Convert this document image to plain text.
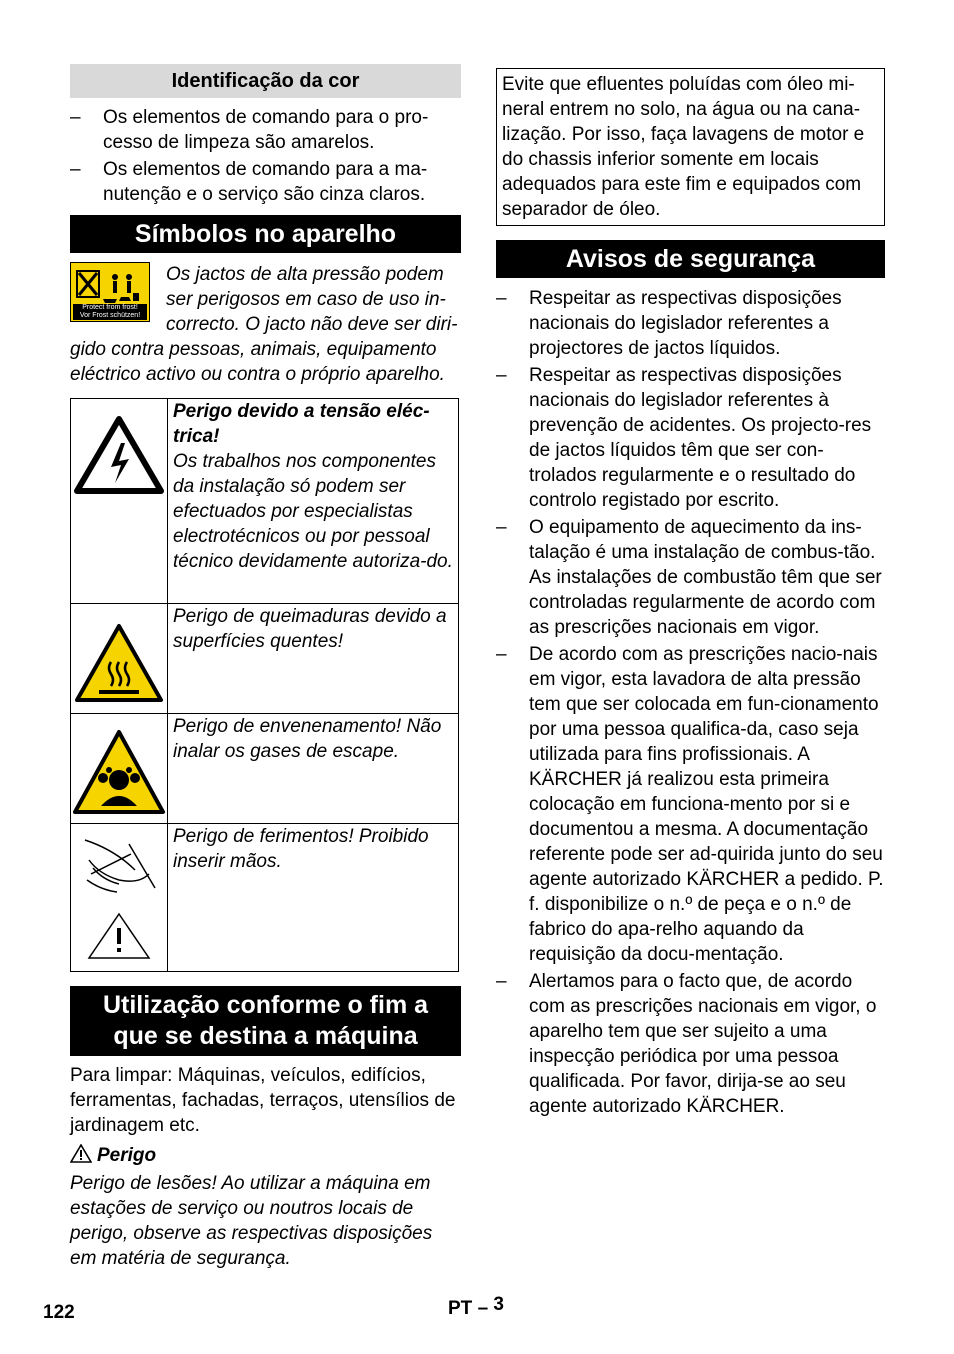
Identificação da cor
– Os elementos de comando para o pro-cesso de limpeza são amarelos.
– Os elementos de comando para a ma-nutenção e o serviço são cinza claros.
Símbolos no aparelho
Protect from frost!
Vor Frost schützen!

Os jactos de alta pressão podem ser perigosos em caso de uso in-correcto. O jacto não deve ser diri-gido contra pessoas, animais, equipamento eléctrico activo ou contra o próprio aparelho.

Perigo devido a tensão eléc-trica!
Os trabalhos nos componentes da instalação só podem ser efectuados por especialistas electrotécnicos ou por pessoal técnico devidamente autoriza-do.

Perigo de queimaduras devido a superfícies quentes!

Perigo de envenenamento! Não inalar os gases de escape.

Perigo de ferimentos! Proibido inserir mãos.
Utilização conforme o fim a que se destina a máquina

Para limpar: Máquinas, veículos, edifícios, ferramentas, fachadas, terraços, utensílios de jardinagem etc.

Perigo

Perigo de lesões! Ao utilizar a máquina em estações de serviço ou noutros locais de perigo, observe as respectivas disposições em matéria de segurança.

Evite que efluentes poluídas com óleo mi-neral entrem no solo, na água ou na cana-lização. Por isso, faça lavagens de motor e do chassis inferior somente em locais adequados para este fim e equipados com separador de óleo.
Avisos de segurança
– Respeitar as respectivas disposições nacionais do legislador referentes a projectores de jactos líquidos.
– Respeitar as respectivas disposições nacionais do legislador referentes à prevenção de acidentes. Os projecto-res de jactos líquidos têm que ser con-trolados regularmente e o resultado do controlo registado por escrito.
– O equipamento de aquecimento da ins-talação é uma instalação de combus-tão. As instalações de combustão têm que ser controladas regularmente de acordo com as prescrições nacionais em vigor.
– De acordo com as prescrições nacio-nais em vigor, esta lavadora de alta pressão tem que ser colocada em fun-cionamento por uma pessoa qualifica-da, caso seja utilizada para fins profissionais. A KÄRCHER já realizou esta primeira colocação em funciona-mento por si e documentou a mesma. A documentação referente pode ser ad-quirida junto do seu agente autorizado KÄRCHER a pedido. P. f. disponibilize o n.º de peça e o n.º de fabrico do apa-relho aquando da requisição da docu-mentação.
– Alertamos para o facto que, de acordo com as prescrições nacionais em vigor, o aparelho tem que ser sujeito a uma inspecção periódica por uma pessoa qualificada. Por favor, dirija-se ao seu agente autorizado KÄRCHER.
122	PT – 3
